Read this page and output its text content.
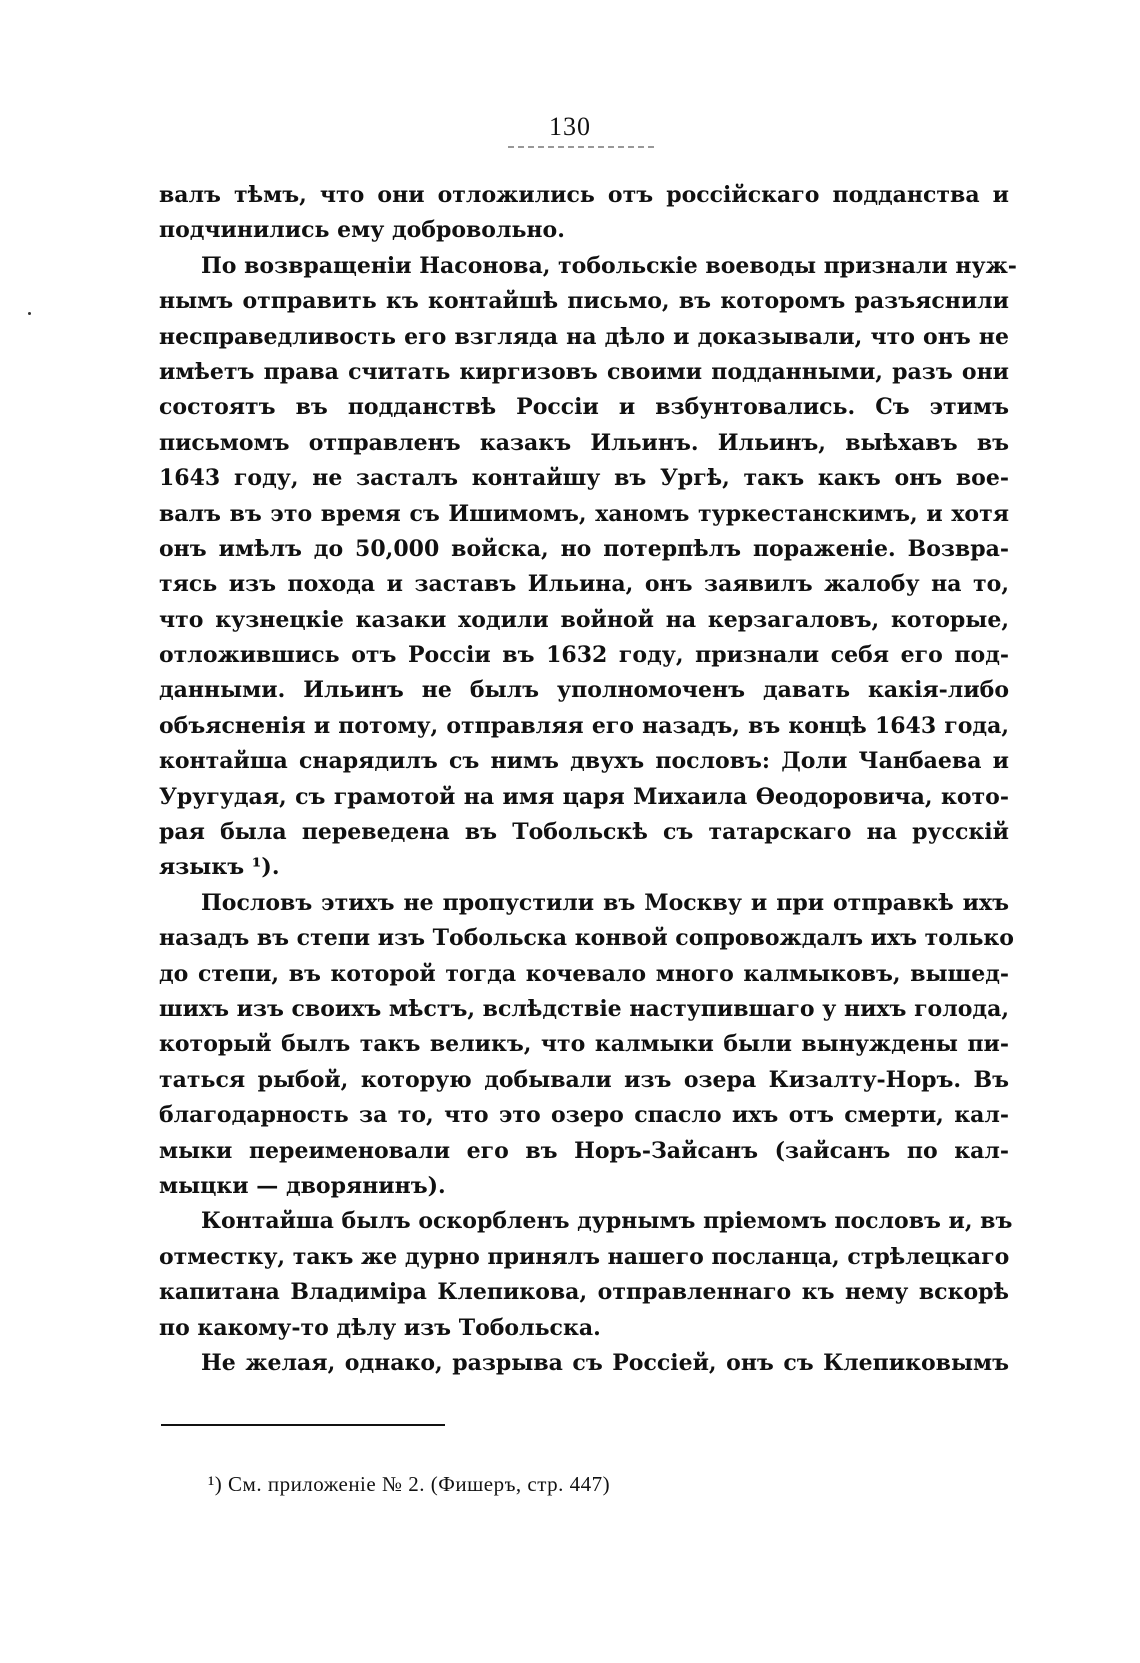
130
валъ тѣмъ, что они отложились отъ россійскаго подданства и
подчинились ему добровольно.
По возвращеніи Насонова, тобольскіе воеводы признали нуж-
нымъ отправить къ контайшѣ письмо, въ которомъ разъяснили
несправедливость его взгляда на дѣло и доказывали, что онъ не
имѣетъ права считать киргизовъ своими подданными, разъ они
состоятъ въ подданствѣ Россіи и взбунтовались. Съ этимъ
письмомъ отправленъ казакъ Ильинъ. Ильинъ, выѣхавъ въ
1643 году, не засталъ контайшу въ Ургѣ, такъ какъ онъ вое-
валъ въ это время съ Ишимомъ, ханомъ туркестанскимъ, и хотя
онъ имѣлъ до 50,000 войска, но потерпѣлъ пораженіе. Возвра-
тясь изъ похода и заставъ Ильина, онъ заявилъ жалобу на то,
что кузнецкіе казаки ходили войной на керзагаловъ, которые,
отложившись отъ Россіи въ 1632 году, признали себя его под-
данными. Ильинъ не былъ уполномоченъ давать какія-либо
объясненія и потому, отправляя его назадъ, въ концѣ 1643 года,
контайша снарядилъ съ нимъ двухъ пословъ: Доли Чанбаева и
Уругудая, съ грамотой на имя царя Михаила Ѳеодоровича, кото-
рая была переведена въ Тобольскѣ съ татарскаго на русскій
языкъ ¹).
Пословъ этихъ не пропустили въ Москву и при отправкѣ ихъ
назадъ въ степи изъ Тобольска конвой сопровождалъ ихъ только
до степи, въ которой тогда кочевало много калмыковъ, вышед-
шихъ изъ своихъ мѣстъ, вслѣдствіе наступившаго у нихъ голода,
который былъ такъ великъ, что калмыки были вынуждены пи-
таться рыбой, которую добывали изъ озера Кизалту-Норъ. Въ
благодарность за то, что это озеро спасло ихъ отъ смерти, кал-
мыки переименовали его въ Норъ-Зайсанъ (зайсанъ по кал-
мыцки — дворянинъ).
Контайша былъ оскорбленъ дурнымъ пріемомъ пословъ и, въ
отместку, такъ же дурно принялъ нашего посланца, стрѣлецкаго
капитана Владиміра Клепикова, отправленнаго къ нему вскорѣ
по какому-то дѣлу изъ Тобольска.
Не желая, однако, разрыва съ Россіей, онъ съ Клепиковымъ
¹) См. приложеніе № 2. (Фишеръ, стр. 447)
